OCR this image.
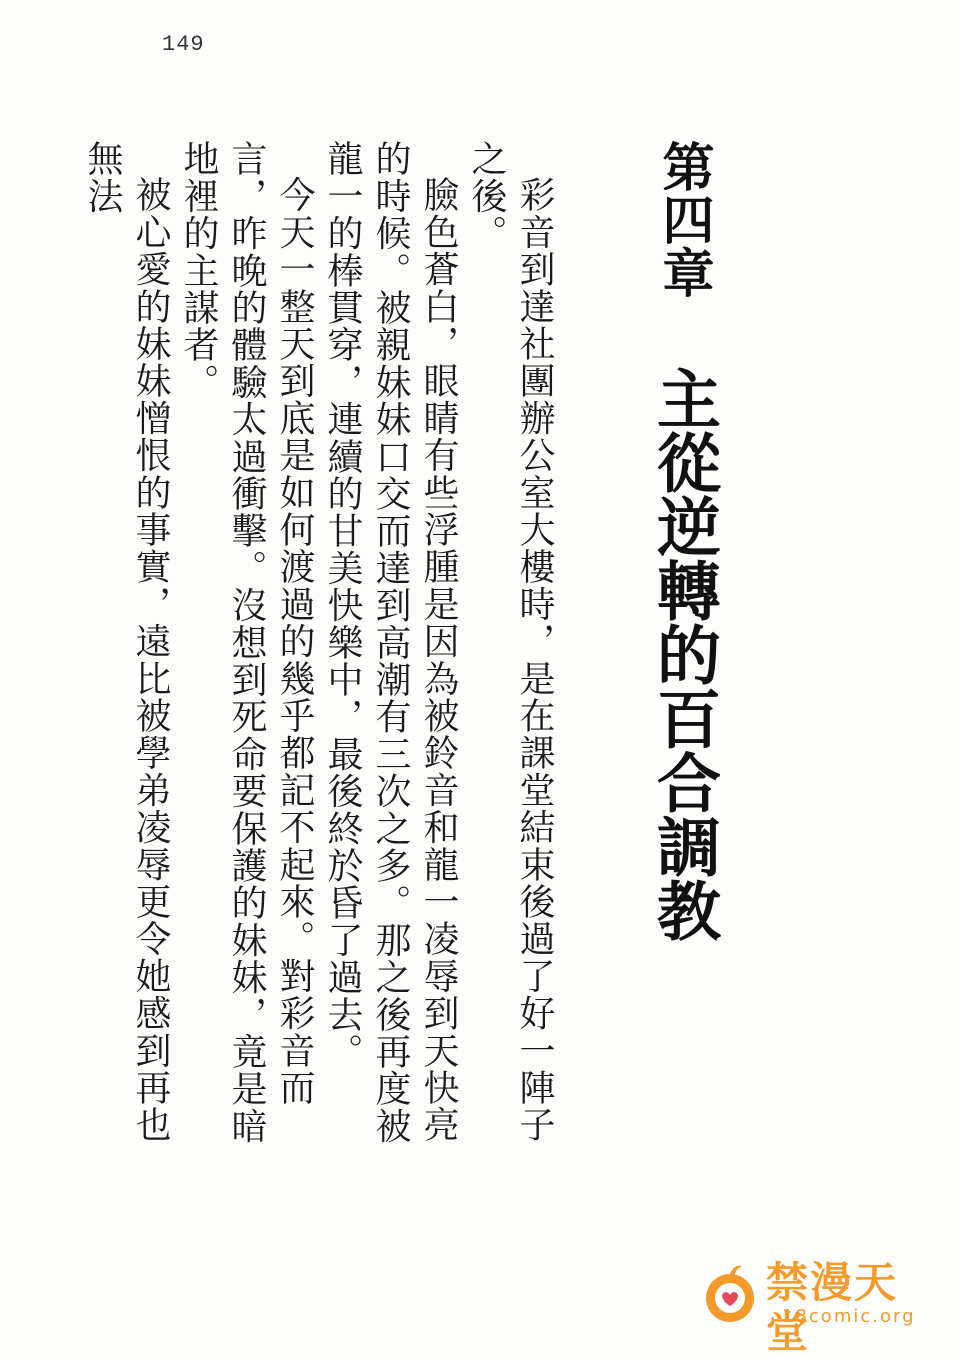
149
第四章 主從逆轉的百合調教

彩音到達社團辦公室大樓時，是在課堂結束後過了好一陣子之後。

臉色蒼白，眼睛有些浮腫是因為被鈴音和龍一凌辱到天快亮的時候。被親妹妹口交而達到高潮有三次之多。那之後再度被龍一的棒貫穿，連續的甘美快樂中，最後終於昏了過去。

今天一整天到底是如何渡過的幾乎都記不起來。對彩音而言，昨晚的體驗太過衝擊。沒想到死命要保護的妹妹，竟是暗地裡的主謀者。

被心愛的妹妹憎恨的事實，遠比被學弟凌辱更令她感到再也無法

禁漫天堂
18comic.org
